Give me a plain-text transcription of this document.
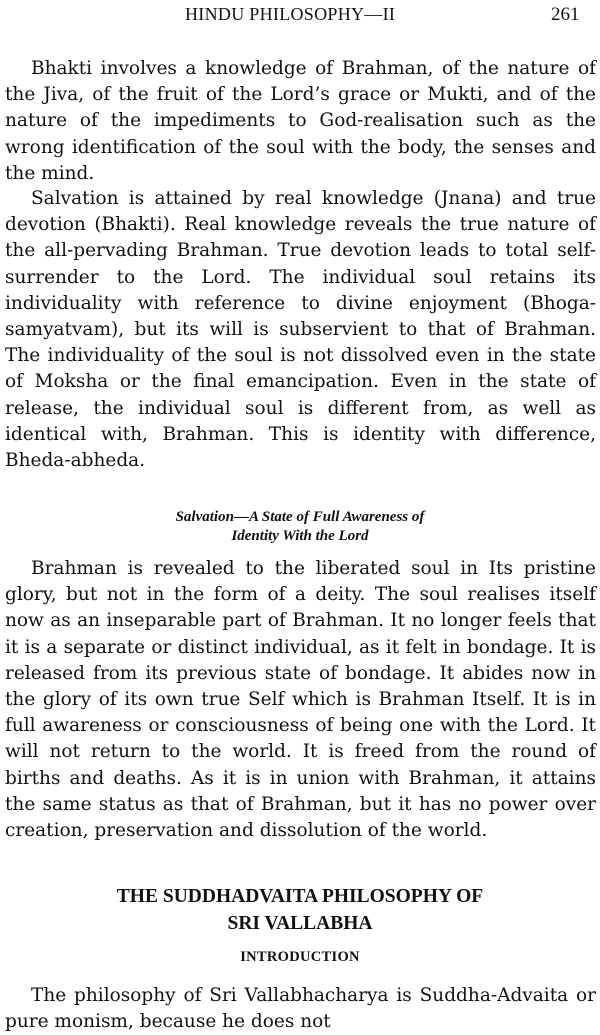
HINDU PHILOSOPHY—II	261

Bhakti involves a knowledge of Brahman, of the nature of the Jiva, of the fruit of the Lord’s grace or Mukti, and of the nature of the impediments to God-realisation such as the wrong identification of the soul with the body, the senses and the mind.

Salvation is attained by real knowledge (Jnana) and true devotion (Bhakti). Real knowledge reveals the true nature of the all-pervading Brahman. True devotion leads to total self-surrender to the Lord. The individual soul retains its individuality with reference to divine enjoyment (Bhoga-samyatvam), but its will is subservient to that of Brahman. The individuality of the soul is not dissolved even in the state of Moksha or the final emancipation. Even in the state of release, the individual soul is different from, as well as identical with, Brahman. This is identity with difference, Bheda-abheda.

Salvation—A State of Full Awareness of
Identity With the Lord

Brahman is revealed to the liberated soul in Its pristine glory, but not in the form of a deity. The soul realises itself now as an inseparable part of Brahman. It no longer feels that it is a separate or distinct individual, as it felt in bondage. It is released from its previous state of bondage. It abides now in the glory of its own true Self which is Brahman Itself. It is in full awareness or consciousness of being one with the Lord. It will not return to the world. It is freed from the round of births and deaths. As it is in union with Brahman, it attains the same status as that of Brahman, but it has no power over creation, preservation and dissolution of the world.

THE SUDDHADVAITA PHILOSOPHY OF
SRI VALLABHA
INTRODUCTION

The philosophy of Sri Vallabhacharya is Suddha-Advaita or pure monism, because he does not
